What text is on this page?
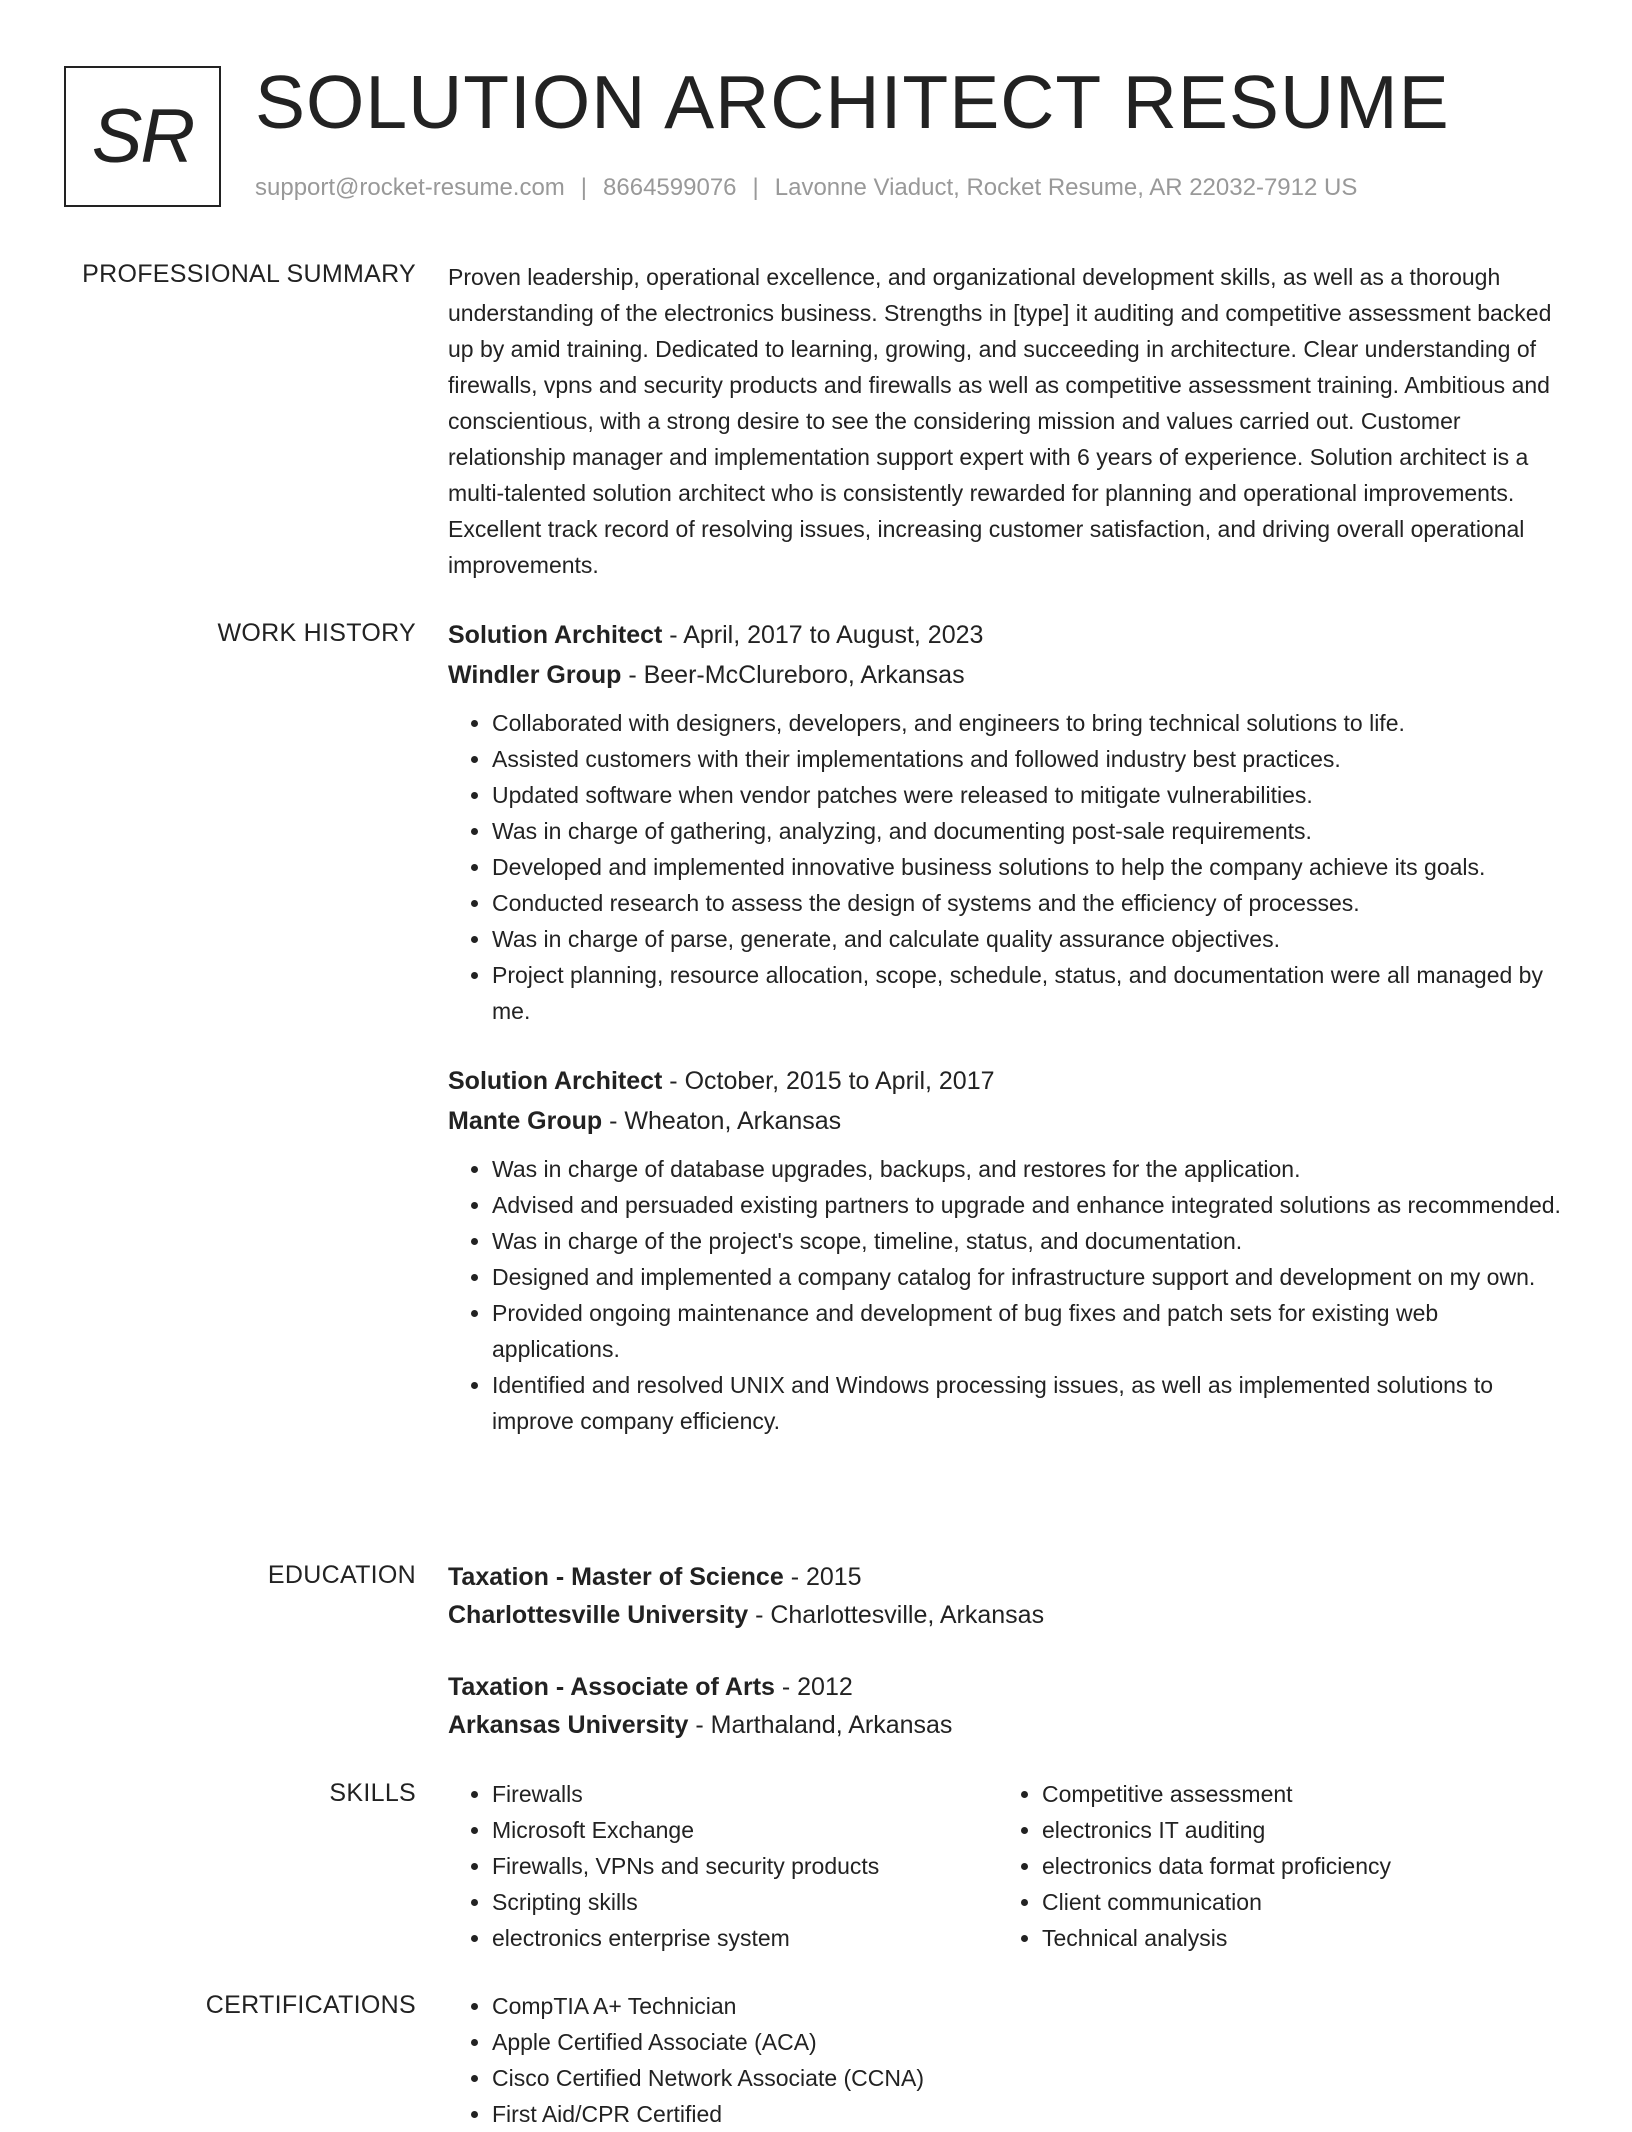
SR SOLUTION ARCHITECT RESUME
support@rocket-resume.com | 8664599076 | Lavonne Viaduct, Rocket Resume, AR 22032-7912 US
PROFESSIONAL SUMMARY Proven leadership, operational excellence, and organizational development skills, as well as a thorough understanding of the electronics business. Strengths in [type] it auditing and competitive assessment backed up by amid training. Dedicated to learning, growing, and succeeding in architecture. Clear understanding of firewalls, vpns and security products and firewalls as well as competitive assessment training. Ambitious and conscientious, with a strong desire to see the considering mission and values carried out. Customer relationship manager and implementation support expert with 6 years of experience. Solution architect is a multi-talented solution architect who is consistently rewarded for planning and operational improvements. Excellent track record of resolving issues, increasing customer satisfaction, and driving overall operational improvements.

WORK HISTORY Solution Architect - April, 2017 to August, 2023
Windler Group - Beer-McClureboro, Arkansas
• Collaborated with designers, developers, and engineers to bring technical solutions to life.
• Assisted customers with their implementations and followed industry best practices.
• Updated software when vendor patches were released to mitigate vulnerabilities.
• Was in charge of gathering, analyzing, and documenting post-sale requirements.
• Developed and implemented innovative business solutions to help the company achieve its goals.
• Conducted research to assess the design of systems and the efficiency of processes.
• Was in charge of parse, generate, and calculate quality assurance objectives.
• Project planning, resource allocation, scope, schedule, status, and documentation were all managed by me.
Solution Architect - October, 2015 to April, 2017
Mante Group - Wheaton, Arkansas
• Was in charge of database upgrades, backups, and restores for the application.
• Advised and persuaded existing partners to upgrade and enhance integrated solutions as recommended.
• Was in charge of the project's scope, timeline, status, and documentation.
• Designed and implemented a company catalog for infrastructure support and development on my own.
• Provided ongoing maintenance and development of bug fixes and patch sets for existing web applications.
• Identified and resolved UNIX and Windows processing issues, as well as implemented solutions to improve company efficiency.
EDUCATION Taxation - Master of Science - 2015
Charlottesville University - Charlottesville, Arkansas
Taxation - Associate of Arts - 2012
Arkansas University - Marthaland, Arkansas
SKILLS	• Firewalls
• Microsoft Exchange
• Firewalls, VPNs and security products
• Scripting skills
• electronics enterprise system
• Competitive assessment
• electronics IT auditing
• electronics data format proficiency
• Client communication
• Technical analysis
CERTIFICATIONS	• CompTIA A+ Technician
• Apple Certified Associate (ACA)
• Cisco Certified Network Associate (CCNA)
• First Aid/CPR Certified
